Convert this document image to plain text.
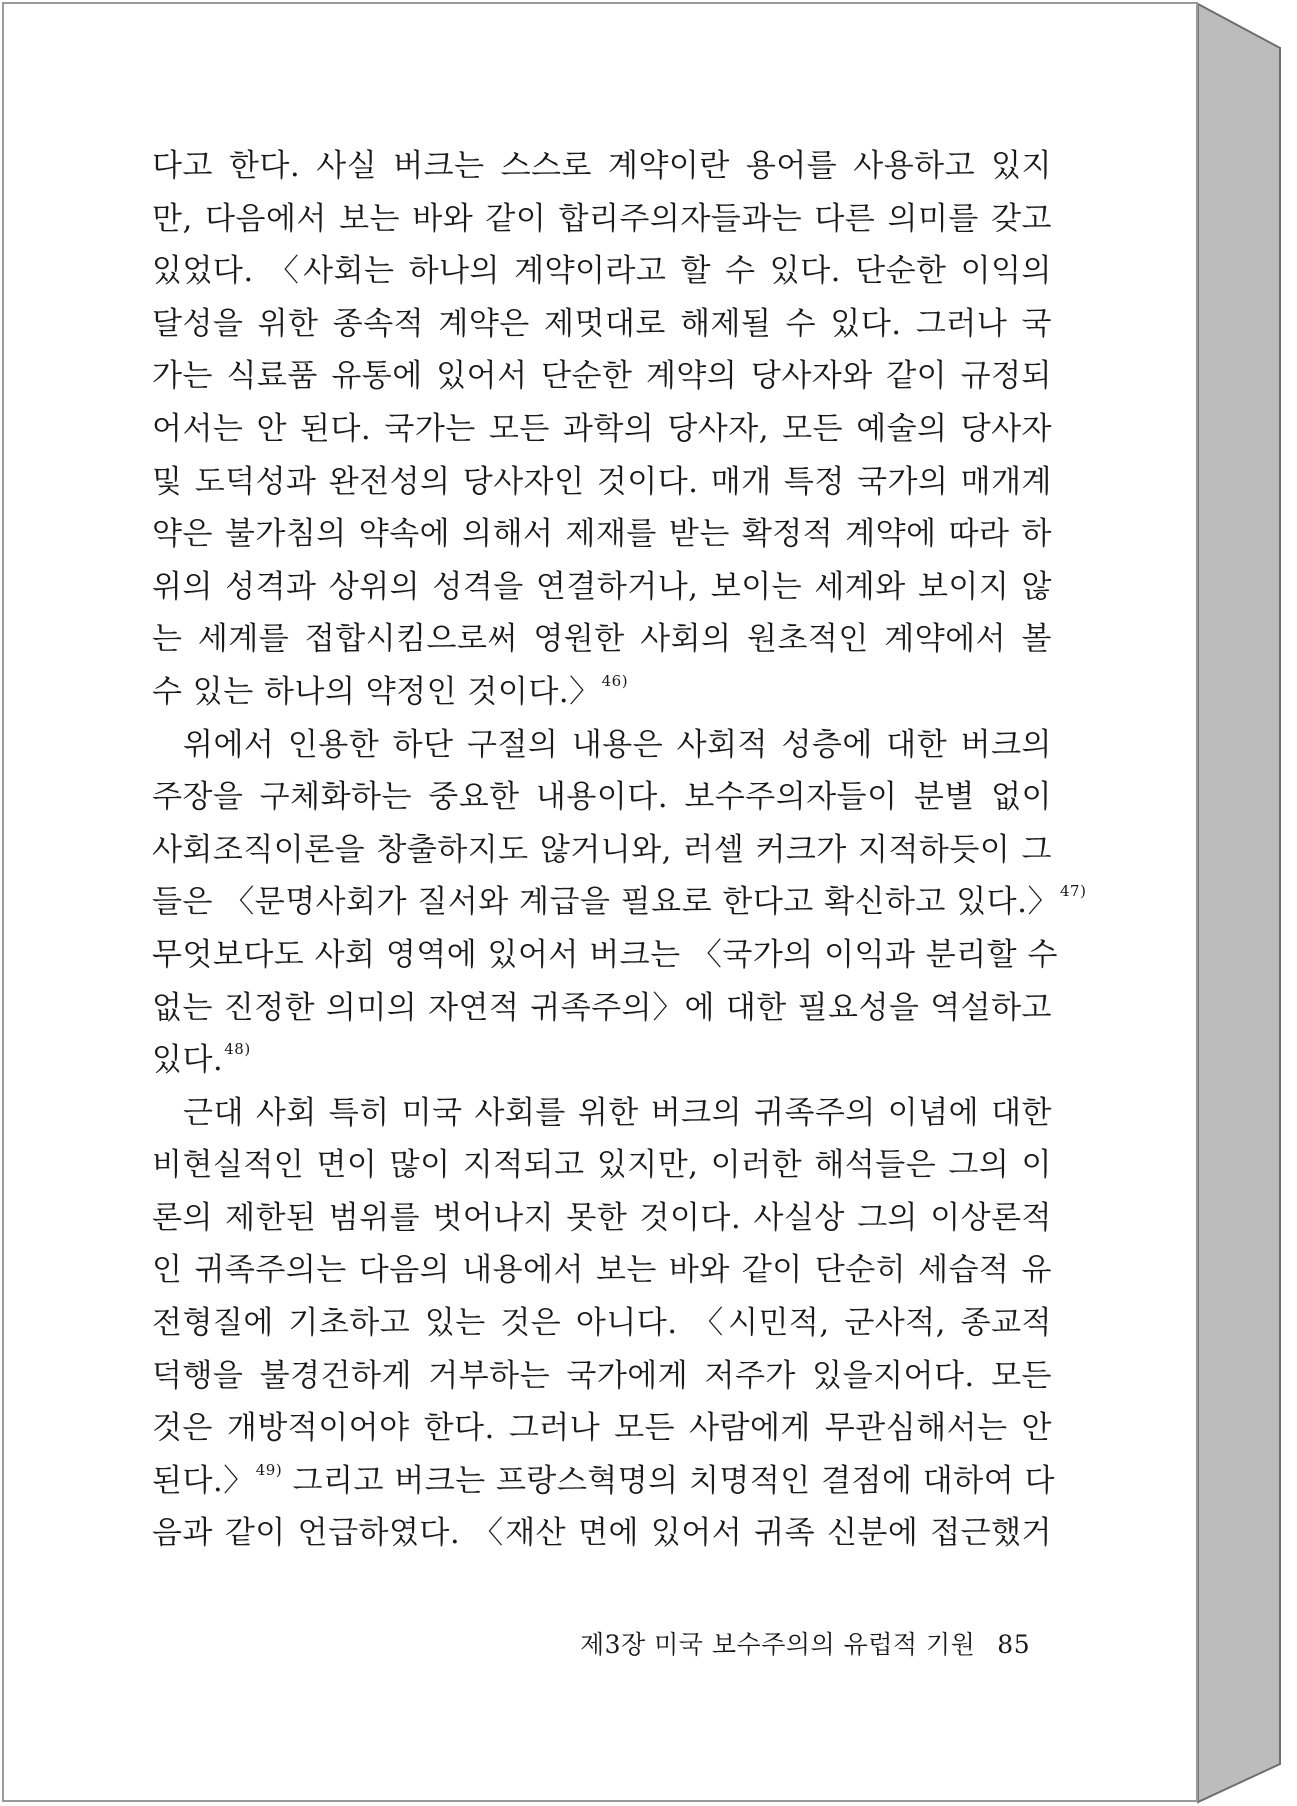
다고 한다. 사실 버크는 스스로 계약이란 용어를 사용하고 있지
만, 다음에서 보는 바와 같이 합리주의자들과는 다른 의미를 갖고
있었다. 〈사회는 하나의 계약이라고 할 수 있다. 단순한 이익의
달성을 위한 종속적 계약은 제멋대로 해제될 수 있다. 그러나 국
가는 식료품 유통에 있어서 단순한 계약의 당사자와 같이 규정되
어서는 안 된다. 국가는 모든 과학의 당사자, 모든 예술의 당사자
및 도덕성과 완전성의 당사자인 것이다. 매개 특정 국가의 매개계
약은 불가침의 약속에 의해서 제재를 받는 확정적 계약에 따라 하
위의 성격과 상위의 성격을 연결하거나, 보이는 세계와 보이지 않
는 세계를 접합시킴으로써 영원한 사회의 원초적인 계약에서 볼
수 있는 하나의 약정인 것이다.〉$^{46)}$
위에서 인용한 하단 구절의 내용은 사회적 성층에 대한 버크의
주장을 구체화하는 중요한 내용이다. 보수주의자들이 분별 없이
사회조직이론을 창출하지도 않거니와, 러셀 커크가 지적하듯이 그
들은 〈문명사회가 질서와 계급을 필요로 한다고 확신하고 있다.〉$^{47)}$
무엇보다도 사회 영역에 있어서 버크는 〈국가의 이익과 분리할 수
없는 진정한 의미의 자연적 귀족주의〉에 대한 필요성을 역설하고
있다.$^{48)}$
근대 사회 특히 미국 사회를 위한 버크의 귀족주의 이념에 대한
비현실적인 면이 많이 지적되고 있지만, 이러한 해석들은 그의 이
론의 제한된 범위를 벗어나지 못한 것이다. 사실상 그의 이상론적
인 귀족주의는 다음의 내용에서 보는 바와 같이 단순히 세습적 유
전형질에 기초하고 있는 것은 아니다. 〈시민적, 군사적, 종교적
덕행을 불경건하게 거부하는 국가에게 저주가 있을지어다. 모든
것은 개방적이어야 한다. 그러나 모든 사람에게 무관심해서는 안
된다.〉$^{49)}$ 그리고 버크는 프랑스혁명의 치명적인 결점에 대하여 다
음과 같이 언급하였다. 〈재산 면에 있어서 귀족 신분에 접근했거
제3장 미국 보수주의의 유럽적 기원 85
